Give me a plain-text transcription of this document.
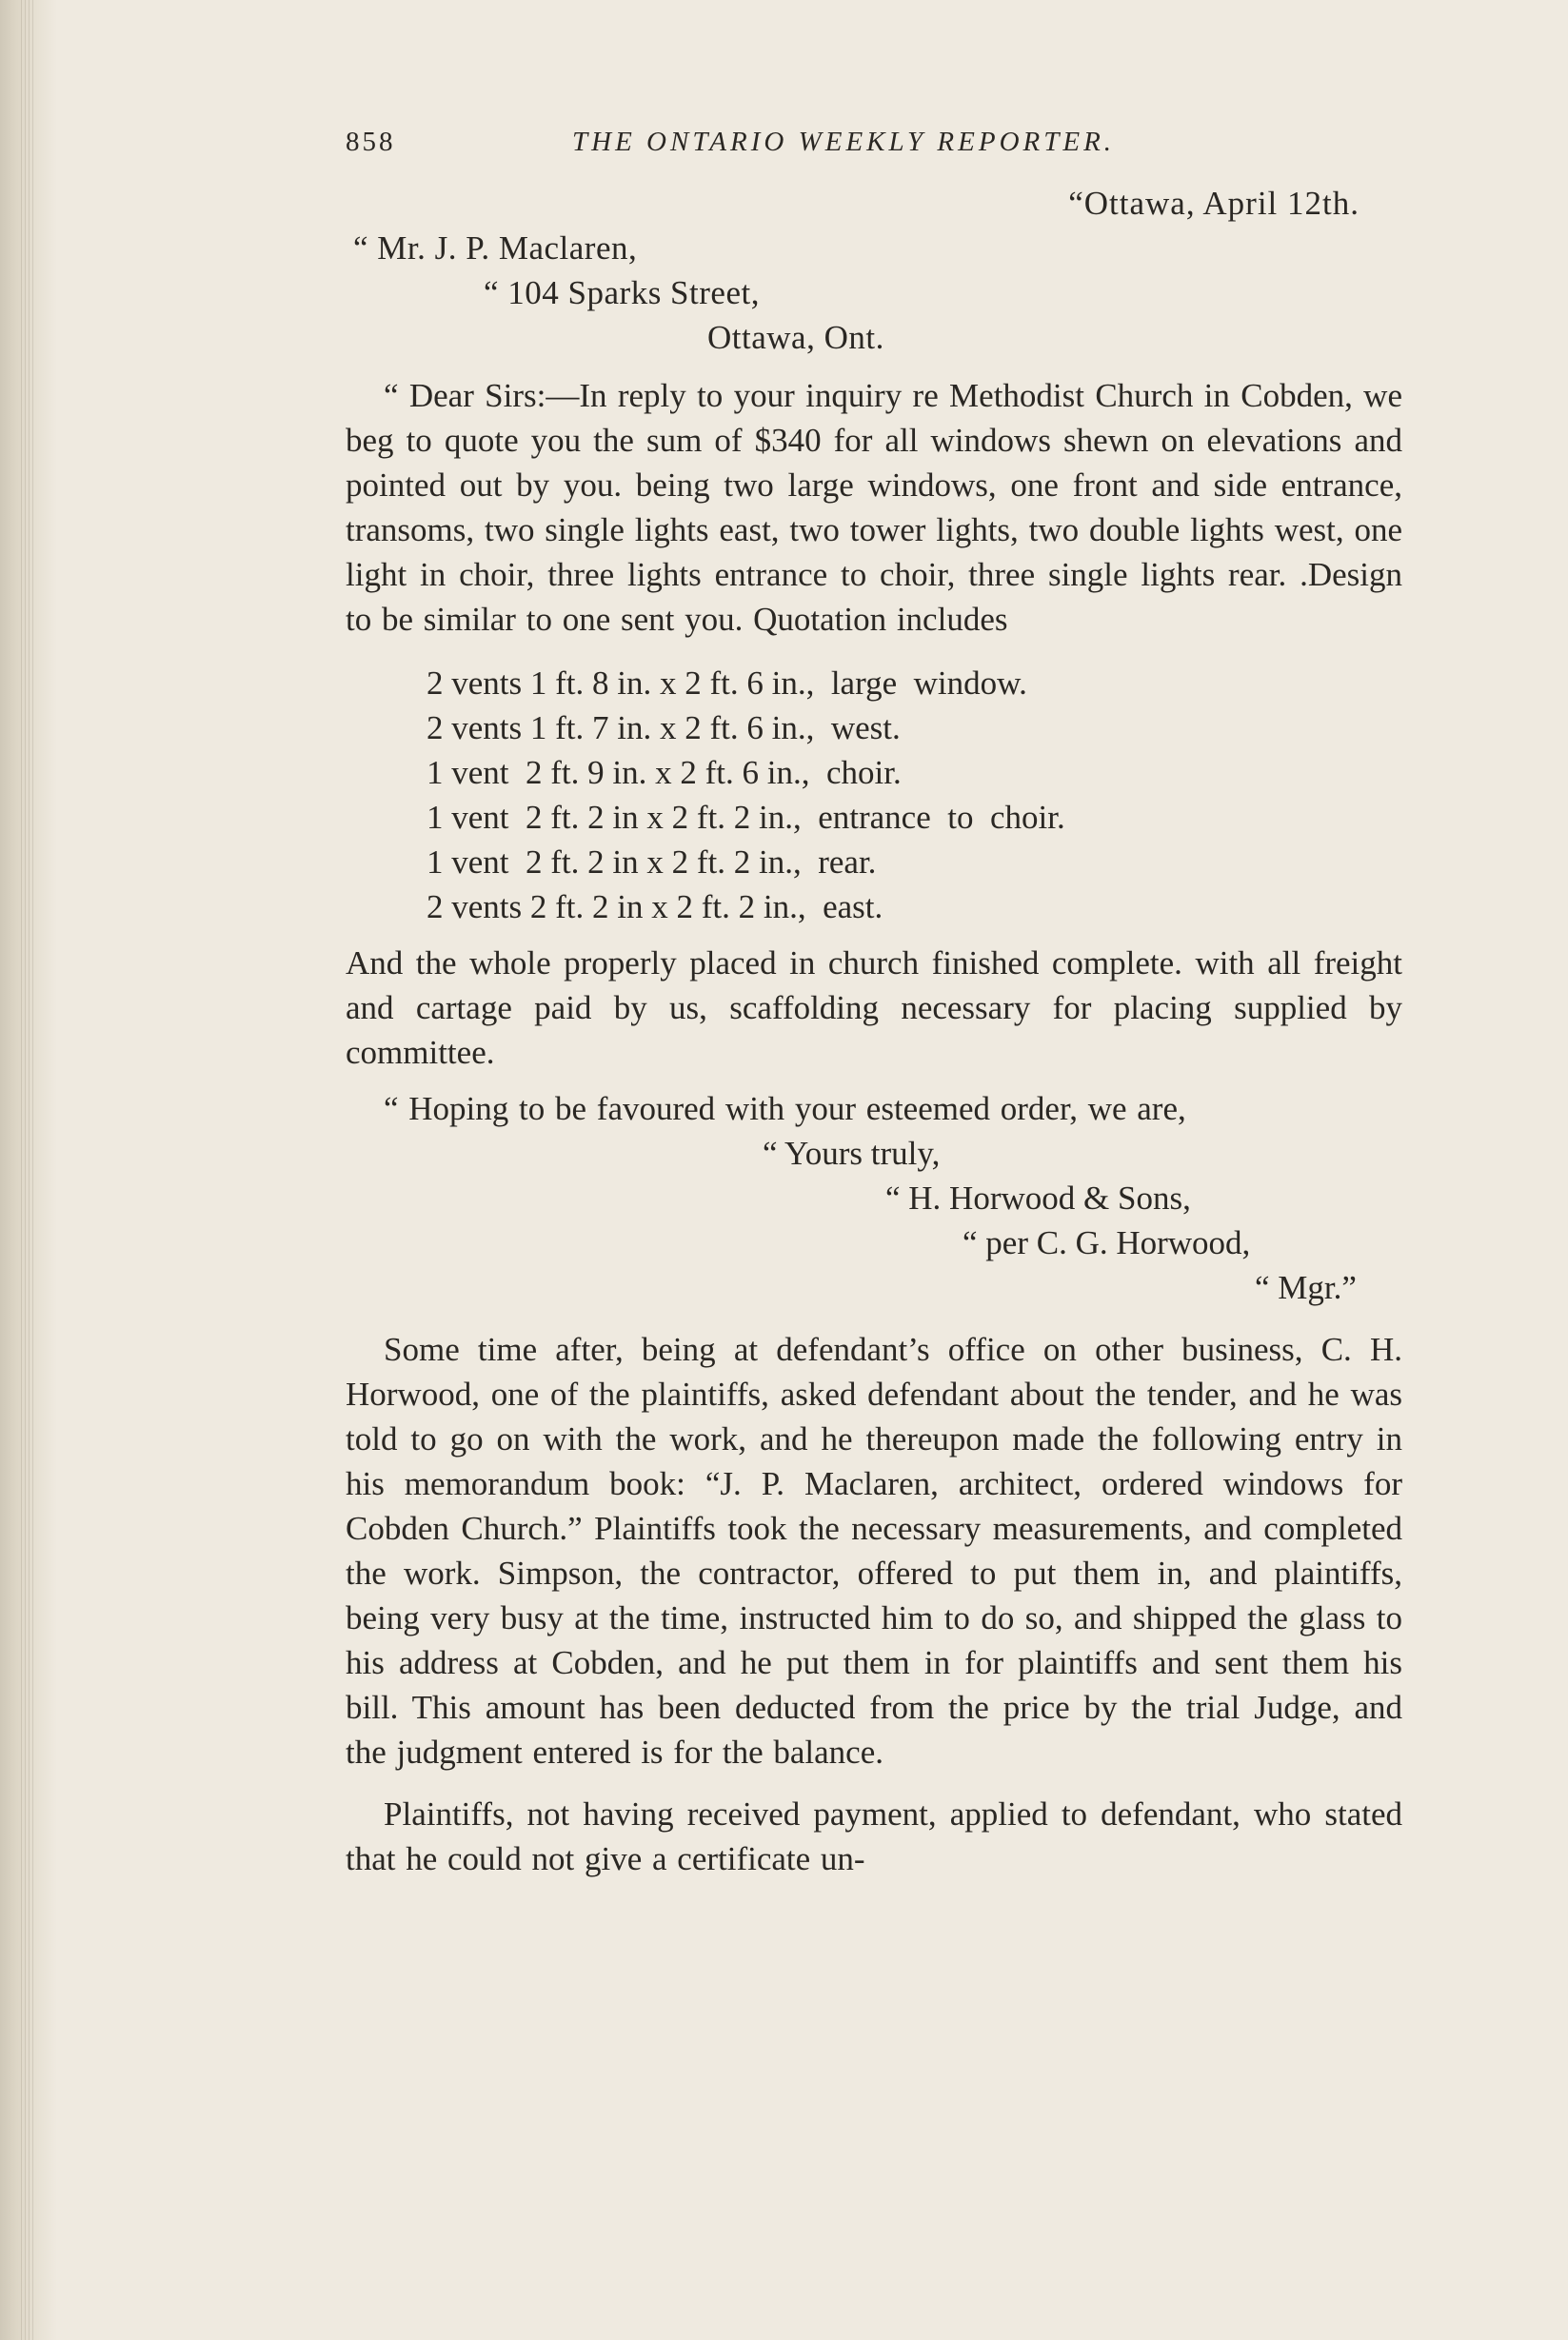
858	THE ONTARIO WEEKLY REPORTER.
“Ottawa, April 12th.
“ Mr. J. P. Maclaren,
“ 104 Sparks Street,
Ottawa, Ont.

“ Dear Sirs:—In reply to your inquiry re Methodist Church in Cobden, we beg to quote you the sum of $340 for all windows shewn on elevations and pointed out by you. being two large windows, one front and side entrance, transoms, two single lights east, two tower lights, two double lights west, one light in choir, three lights entrance to choir, three single lights rear. .Design to be similar to one sent you. Quotation includes

2 vents 1 ft. 8 in. x 2 ft. 6 in.,  large  window.
2 vents 1 ft. 7 in. x 2 ft. 6 in.,  west.
1 vent  2 ft. 9 in. x 2 ft. 6 in.,  choir.
1 vent  2 ft. 2 in x 2 ft. 2 in.,  entrance  to  choir.
1 vent  2 ft. 2 in x 2 ft. 2 in.,  rear.
2 vents 2 ft. 2 in x 2 ft. 2 in.,  east.

And the whole properly placed in church finished complete. with all freight and cartage paid by us, scaffolding necessary for placing supplied by committee.

“ Hoping to be favoured with your esteemed order, we are,

“ Yours truly,
“ H. Horwood & Sons,
“ per C. G. Horwood,
“ Mgr.”

Some time after, being at defendant’s office on other business, C. H. Horwood, one of the plaintiffs, asked defendant about the tender, and he was told to go on with the work, and he thereupon made the following entry in his memorandum book: “J. P. Maclaren, architect, ordered windows for Cobden Church.” Plaintiffs took the necessary measurements, and completed the work. Simpson, the contractor, offered to put them in, and plaintiffs, being very busy at the time, instructed him to do so, and shipped the glass to his address at Cobden, and he put them in for plaintiffs and sent them his bill. This amount has been deducted from the price by the trial Judge, and the judgment entered is for the balance.

Plaintiffs, not having received payment, applied to defendant, who stated that he could not give a certificate un-
